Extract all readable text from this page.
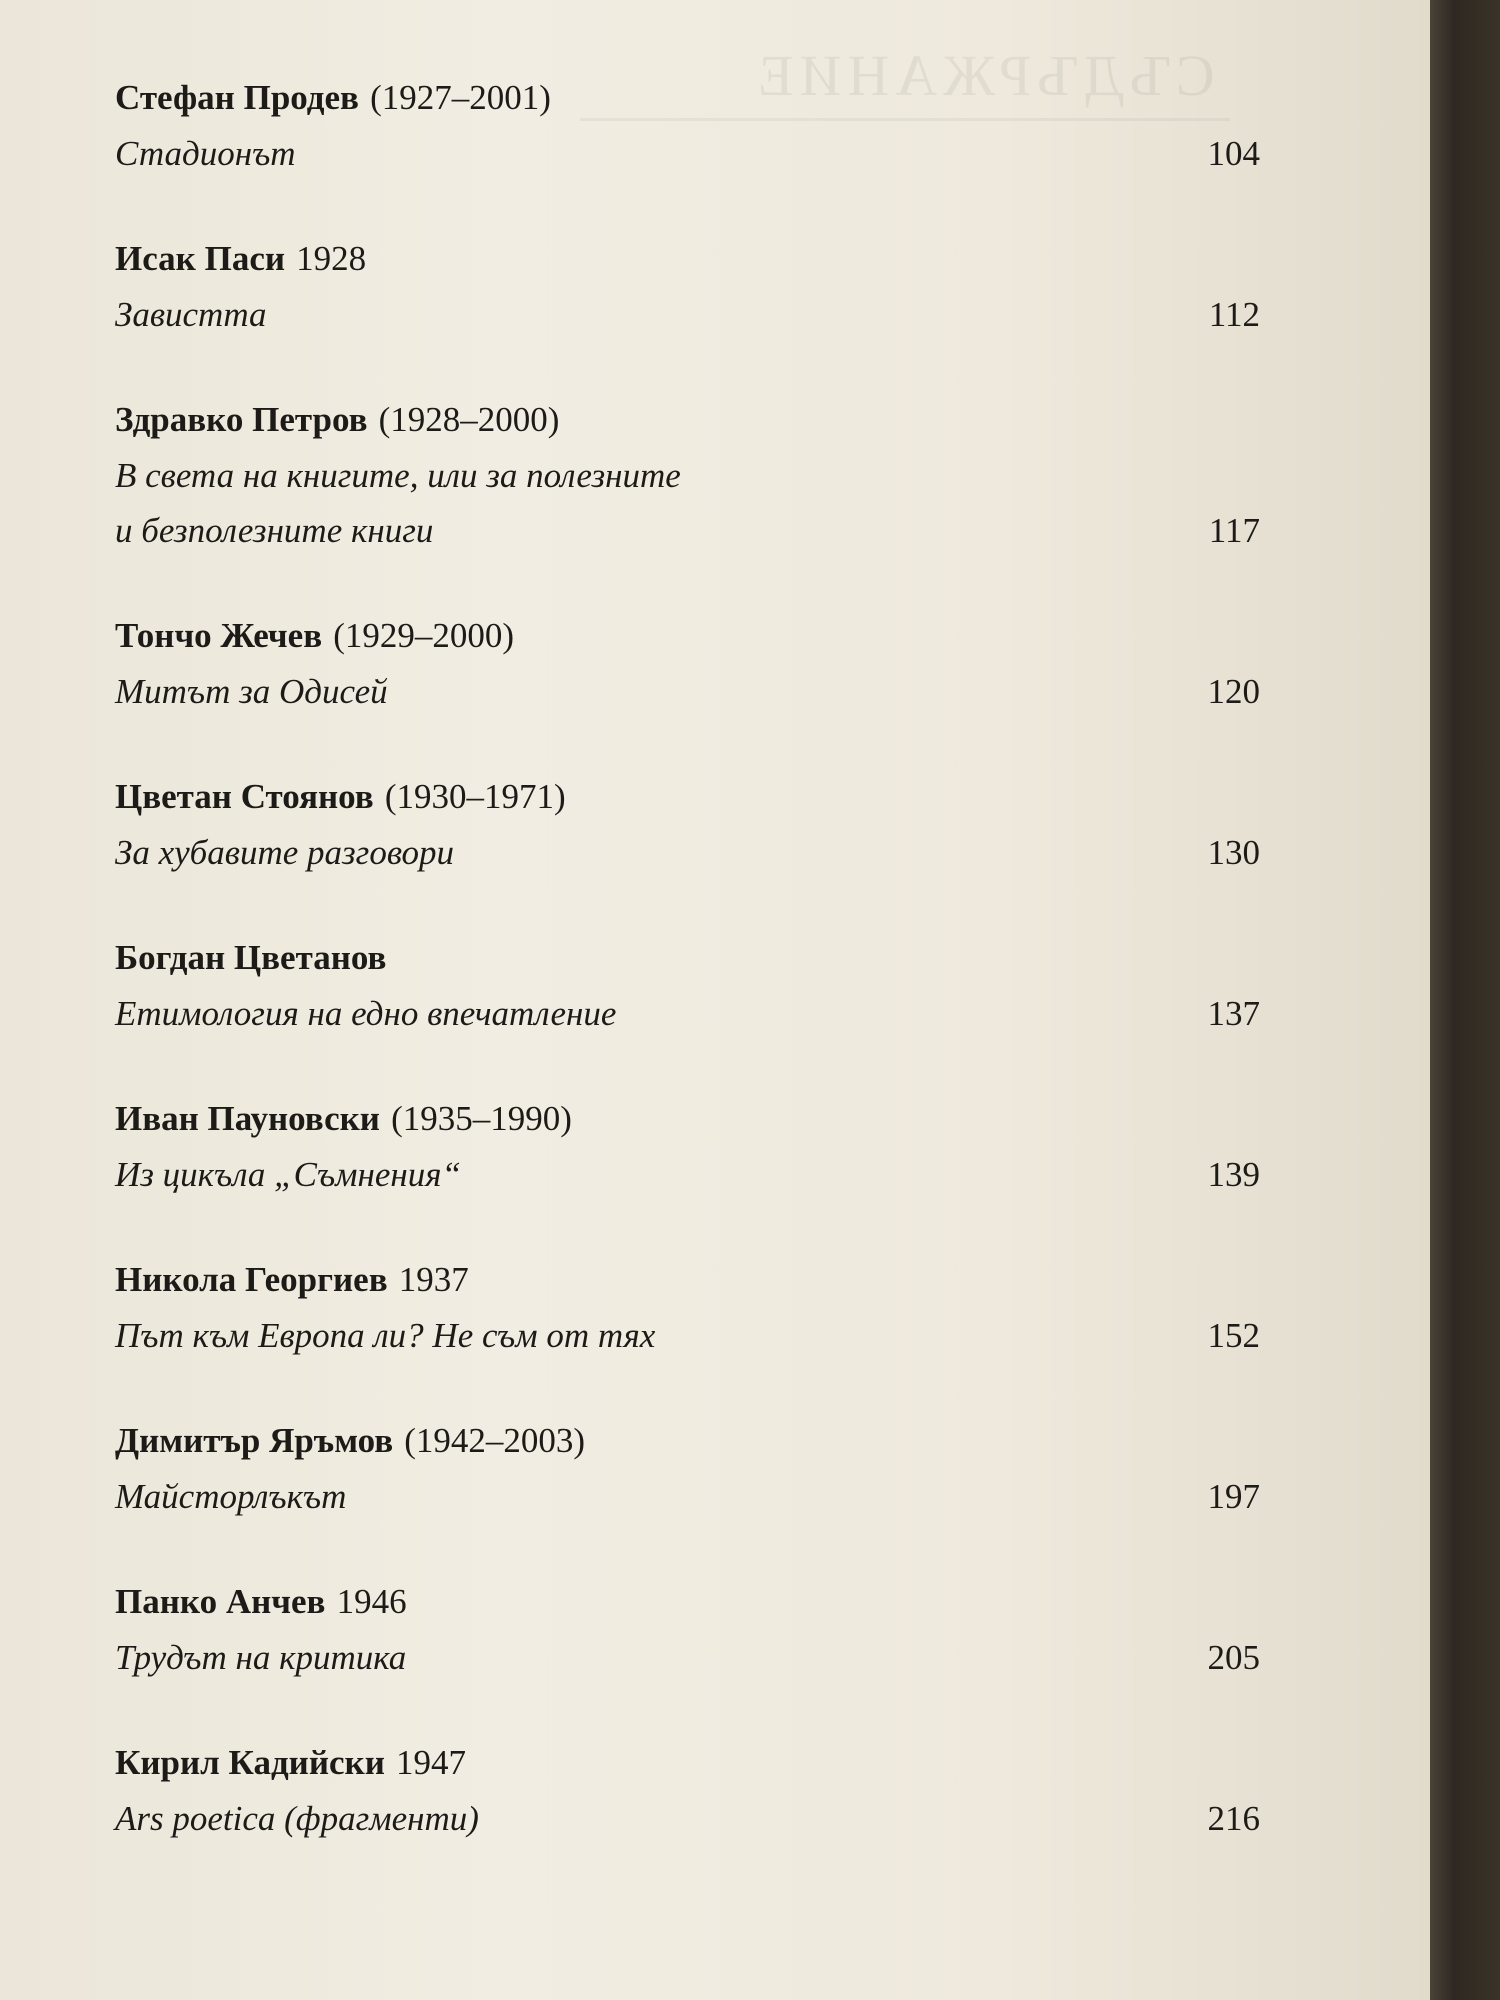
СЪДЪРЖАНИЕ
Стефан Продев (1927–2001)
Стадионът	104
Исак Паси 1928
Завистта	112
Здравко Петров (1928–2000)
В света на книгите, или за полезните
и безполезните книги	117
Тончо Жечев (1929–2000)
Митът за Одисей	120
Цветан Стоянов (1930–1971)
За хубавите разговори	130
Богдан Цветанов
Етимология на едно впечатление	137
Иван Пауновски (1935–1990)
Из цикъла „Съмнения“	139
Никола Георгиев 1937
Път към Европа ли? Не съм от тях	152
Димитър Яръмов (1942–2003)
Майсторлъкът	197
Панко Анчев 1946
Трудът на критика	205
Кирил Кадийски 1947
Ars poetica (фрагменти)	216
